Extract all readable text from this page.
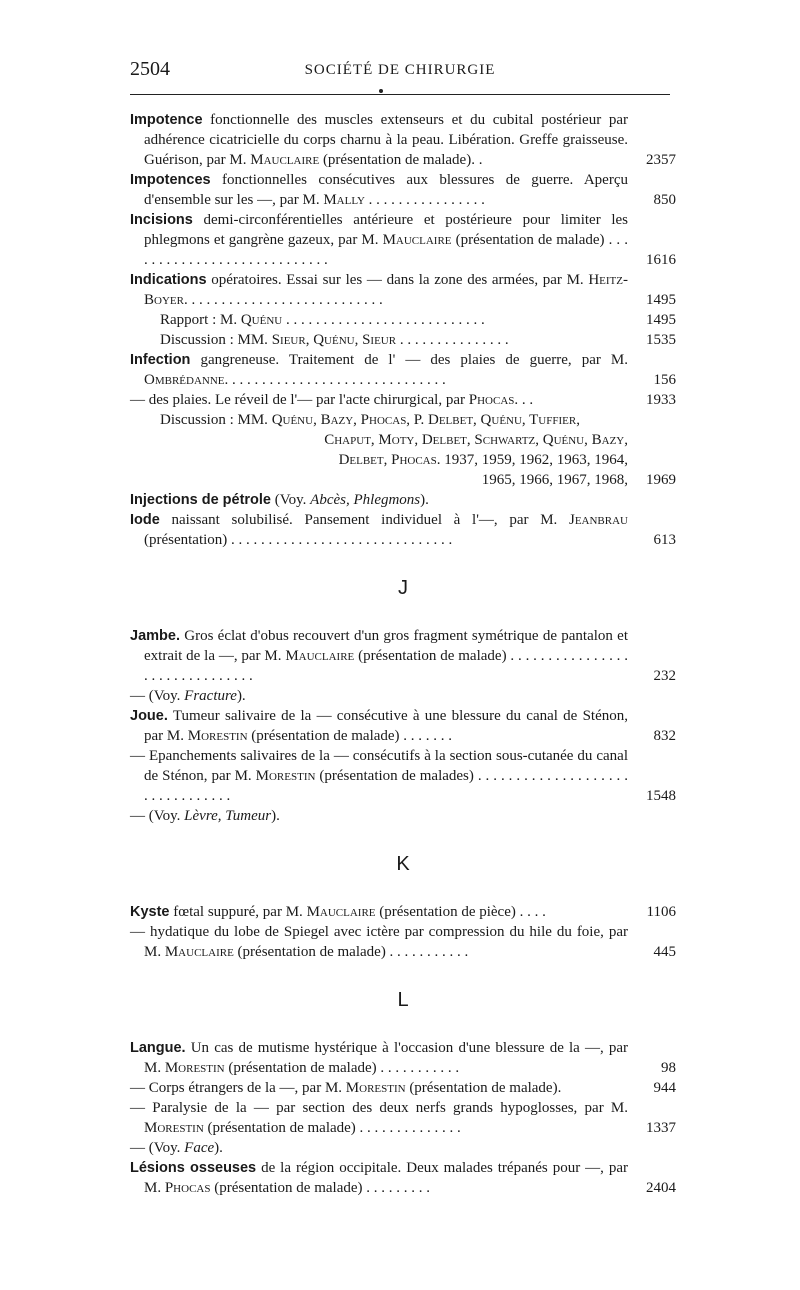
2504	SOCIÉTÉ DE CHIRURGIE
Impotence fonctionnelle des muscles extenseurs et du cubital postérieur par adhérence cicatricielle du corps charnu à la peau. Libération. Greffe graisseuse. Guérison, par M. Mauclaire (présentation de malade). .	2357
Impotences fonctionnelles consécutives aux blessures de guerre. Aperçu d'ensemble sur les —, par M. Mally . . . . . . . . . . . . . . . .	850
Incisions demi-circonférentielles antérieure et postérieure pour limiter les phlegmons et gangrène gazeux, par M. Mauclaire (présentation de malade) . . . . . . . . . . . . . . . . . . . . . . . . . . . .	1616
Indications opératoires. Essai sur les — dans la zone des armées, par M. Heitz-Boyer. . . . . . . . . . . . . . . . . . . . . . . . . . .	1495
Rapport : M. Quénu . . . . . . . . . . . . . . . . . . . . . . . . . . .	1495
Discussion : MM. Sieur, Quénu, Sieur . . . . . . . . . . . . . . .	1535
Infection gangreneuse. Traitement de l' — des plaies de guerre, par M. Ombrédanne. . . . . . . . . . . . . . . . . . . . . . . . . . . . . .	156
— des plaies. Le réveil de l'— par l'acte chirurgical, par Phocas. . .	1933
Discussion : MM. Quénu, Bazy, Phocas, P. Delbet, Quénu, Tuffier,
Chaput, Moty, Delbet, Schwartz, Quénu, Bazy,
Delbet, Phocas. 1937, 1959, 1962, 1963, 1964,
1965, 1966, 1967, 1968,	1969
Injections de pétrole (Voy. Abcès, Phlegmons).
Iode naissant solubilisé. Pansement individuel à l'—, par M. Jeanbrau (présentation) . . . . . . . . . . . . . . . . . . . . . . . . . . . . . .	613
J
Jambe. Gros éclat d'obus recouvert d'un gros fragment symétrique de pantalon et extrait de la —, par M. Mauclaire (présentation de malade) . . . . . . . . . . . . . . . . . . . . . . . . . . . . . . .	232
— (Voy. Fracture).
Joue. Tumeur salivaire de la — consécutive à une blessure du canal de Sténon, par M. Morestin (présentation de malade) . . . . . . .	832
— Epanchements salivaires de la — consécutifs à la section sous-cutanée du canal de Sténon, par M. Morestin (présentation de malades) . . . . . . . . . . . . . . . . . . . . . . . . . . . . . . . .	1548
— (Voy. Lèvre, Tumeur).
K
Kyste fœtal suppuré, par M. Mauclaire (présentation de pièce) . . . .	1106
— hydatique du lobe de Spiegel avec ictère par compression du hile du foie, par M. Mauclaire (présentation de malade) . . . . . . . . . . .	445
L
Langue. Un cas de mutisme hystérique à l'occasion d'une blessure de la —, par M. Morestin (présentation de malade) . . . . . . . . . . .	98
— Corps étrangers de la —, par M. Morestin (présentation de malade).	944
— Paralysie de la — par section des deux nerfs grands hypoglosses, par M. Morestin (présentation de malade) . . . . . . . . . . . . . .	1337
— (Voy. Face).
Lésions osseuses de la région occipitale. Deux malades trépanés pour —, par M. Phocas (présentation de malade) . . . . . . . . .	2404
